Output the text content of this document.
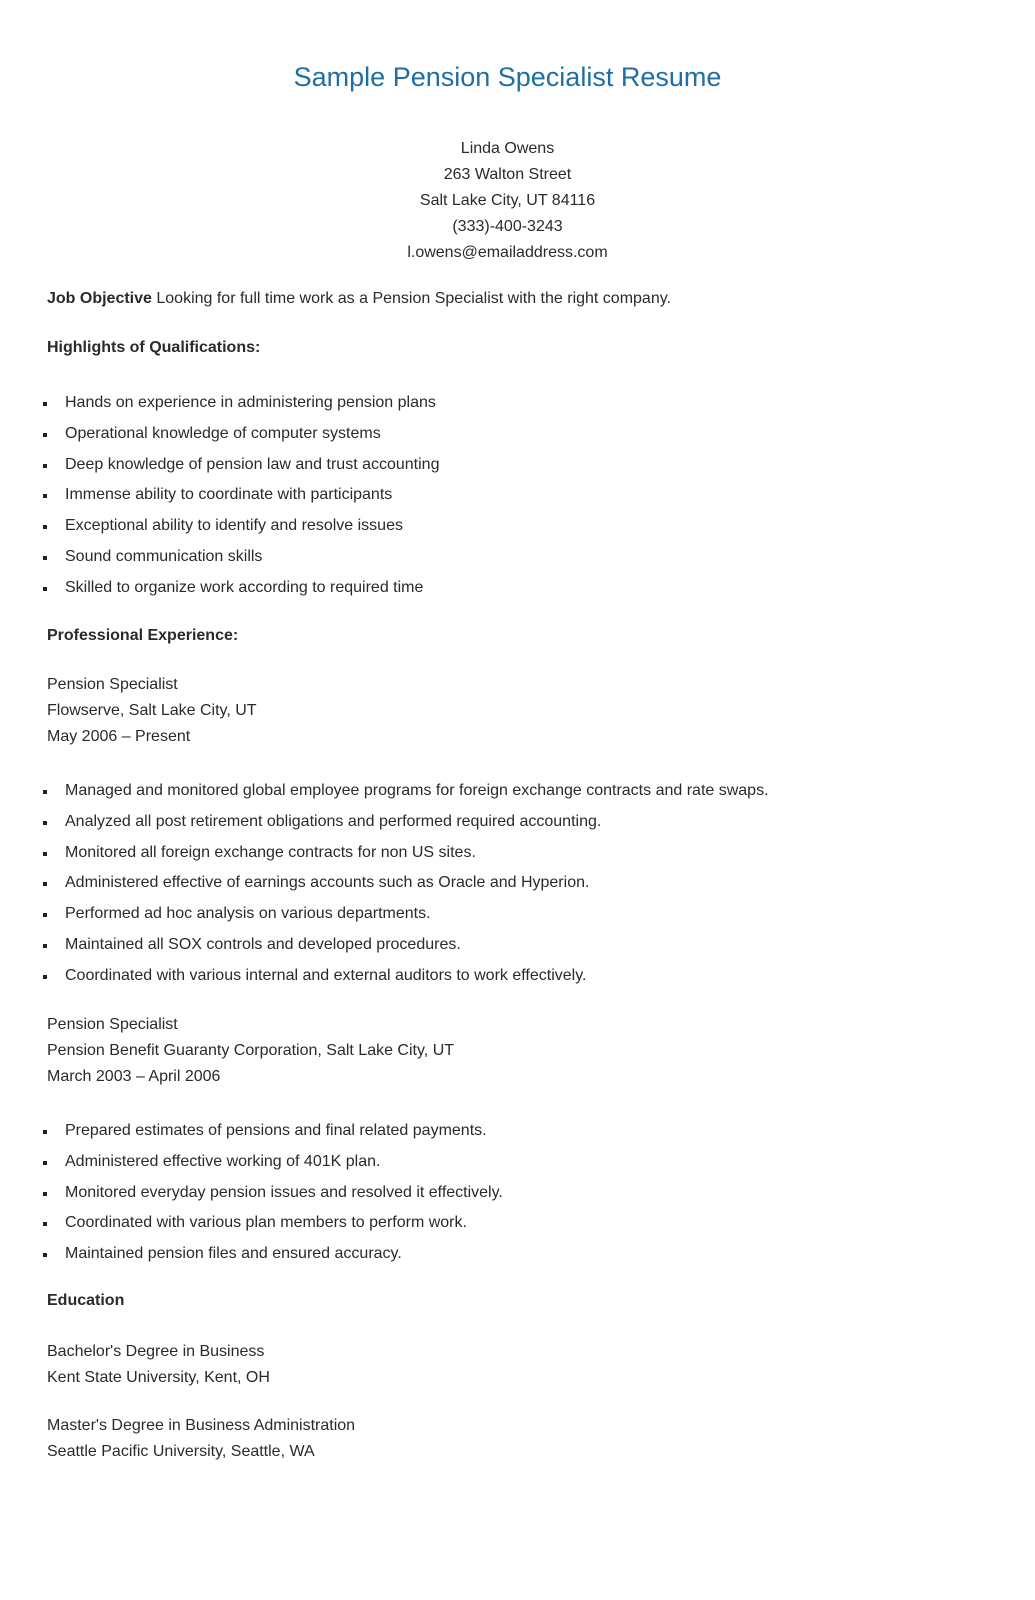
Sample Pension Specialist Resume
Linda Owens
263 Walton Street
Salt Lake City, UT 84116
(333)-400-3243
l.owens@emailaddress.com
Job Objective Looking for full time work as a Pension Specialist with the right company.
Highlights of Qualifications:
Hands on experience in administering pension plans
Operational knowledge of computer systems
Deep knowledge of pension law and trust accounting
Immense ability to coordinate with participants
Exceptional ability to identify and resolve issues
Sound communication skills
Skilled to organize work according to required time
Professional Experience:
Pension Specialist
Flowserve, Salt Lake City, UT
May 2006 – Present
Managed and monitored global employee programs for foreign exchange contracts and rate swaps.
Analyzed all post retirement obligations and performed required accounting.
Monitored all foreign exchange contracts for non US sites.
Administered effective of earnings accounts such as Oracle and Hyperion.
Performed ad hoc analysis on various departments.
Maintained all SOX controls and developed procedures.
Coordinated with various internal and external auditors to work effectively.
Pension Specialist
Pension Benefit Guaranty Corporation, Salt Lake City, UT
March 2003 – April 2006
Prepared estimates of pensions and final related payments.
Administered effective working of 401K plan.
Monitored everyday pension issues and resolved it effectively.
Coordinated with various plan members to perform work.
Maintained pension files and ensured accuracy.
Education
Bachelor's Degree in Business
Kent State University, Kent, OH
Master's Degree in Business Administration
Seattle Pacific University, Seattle, WA
